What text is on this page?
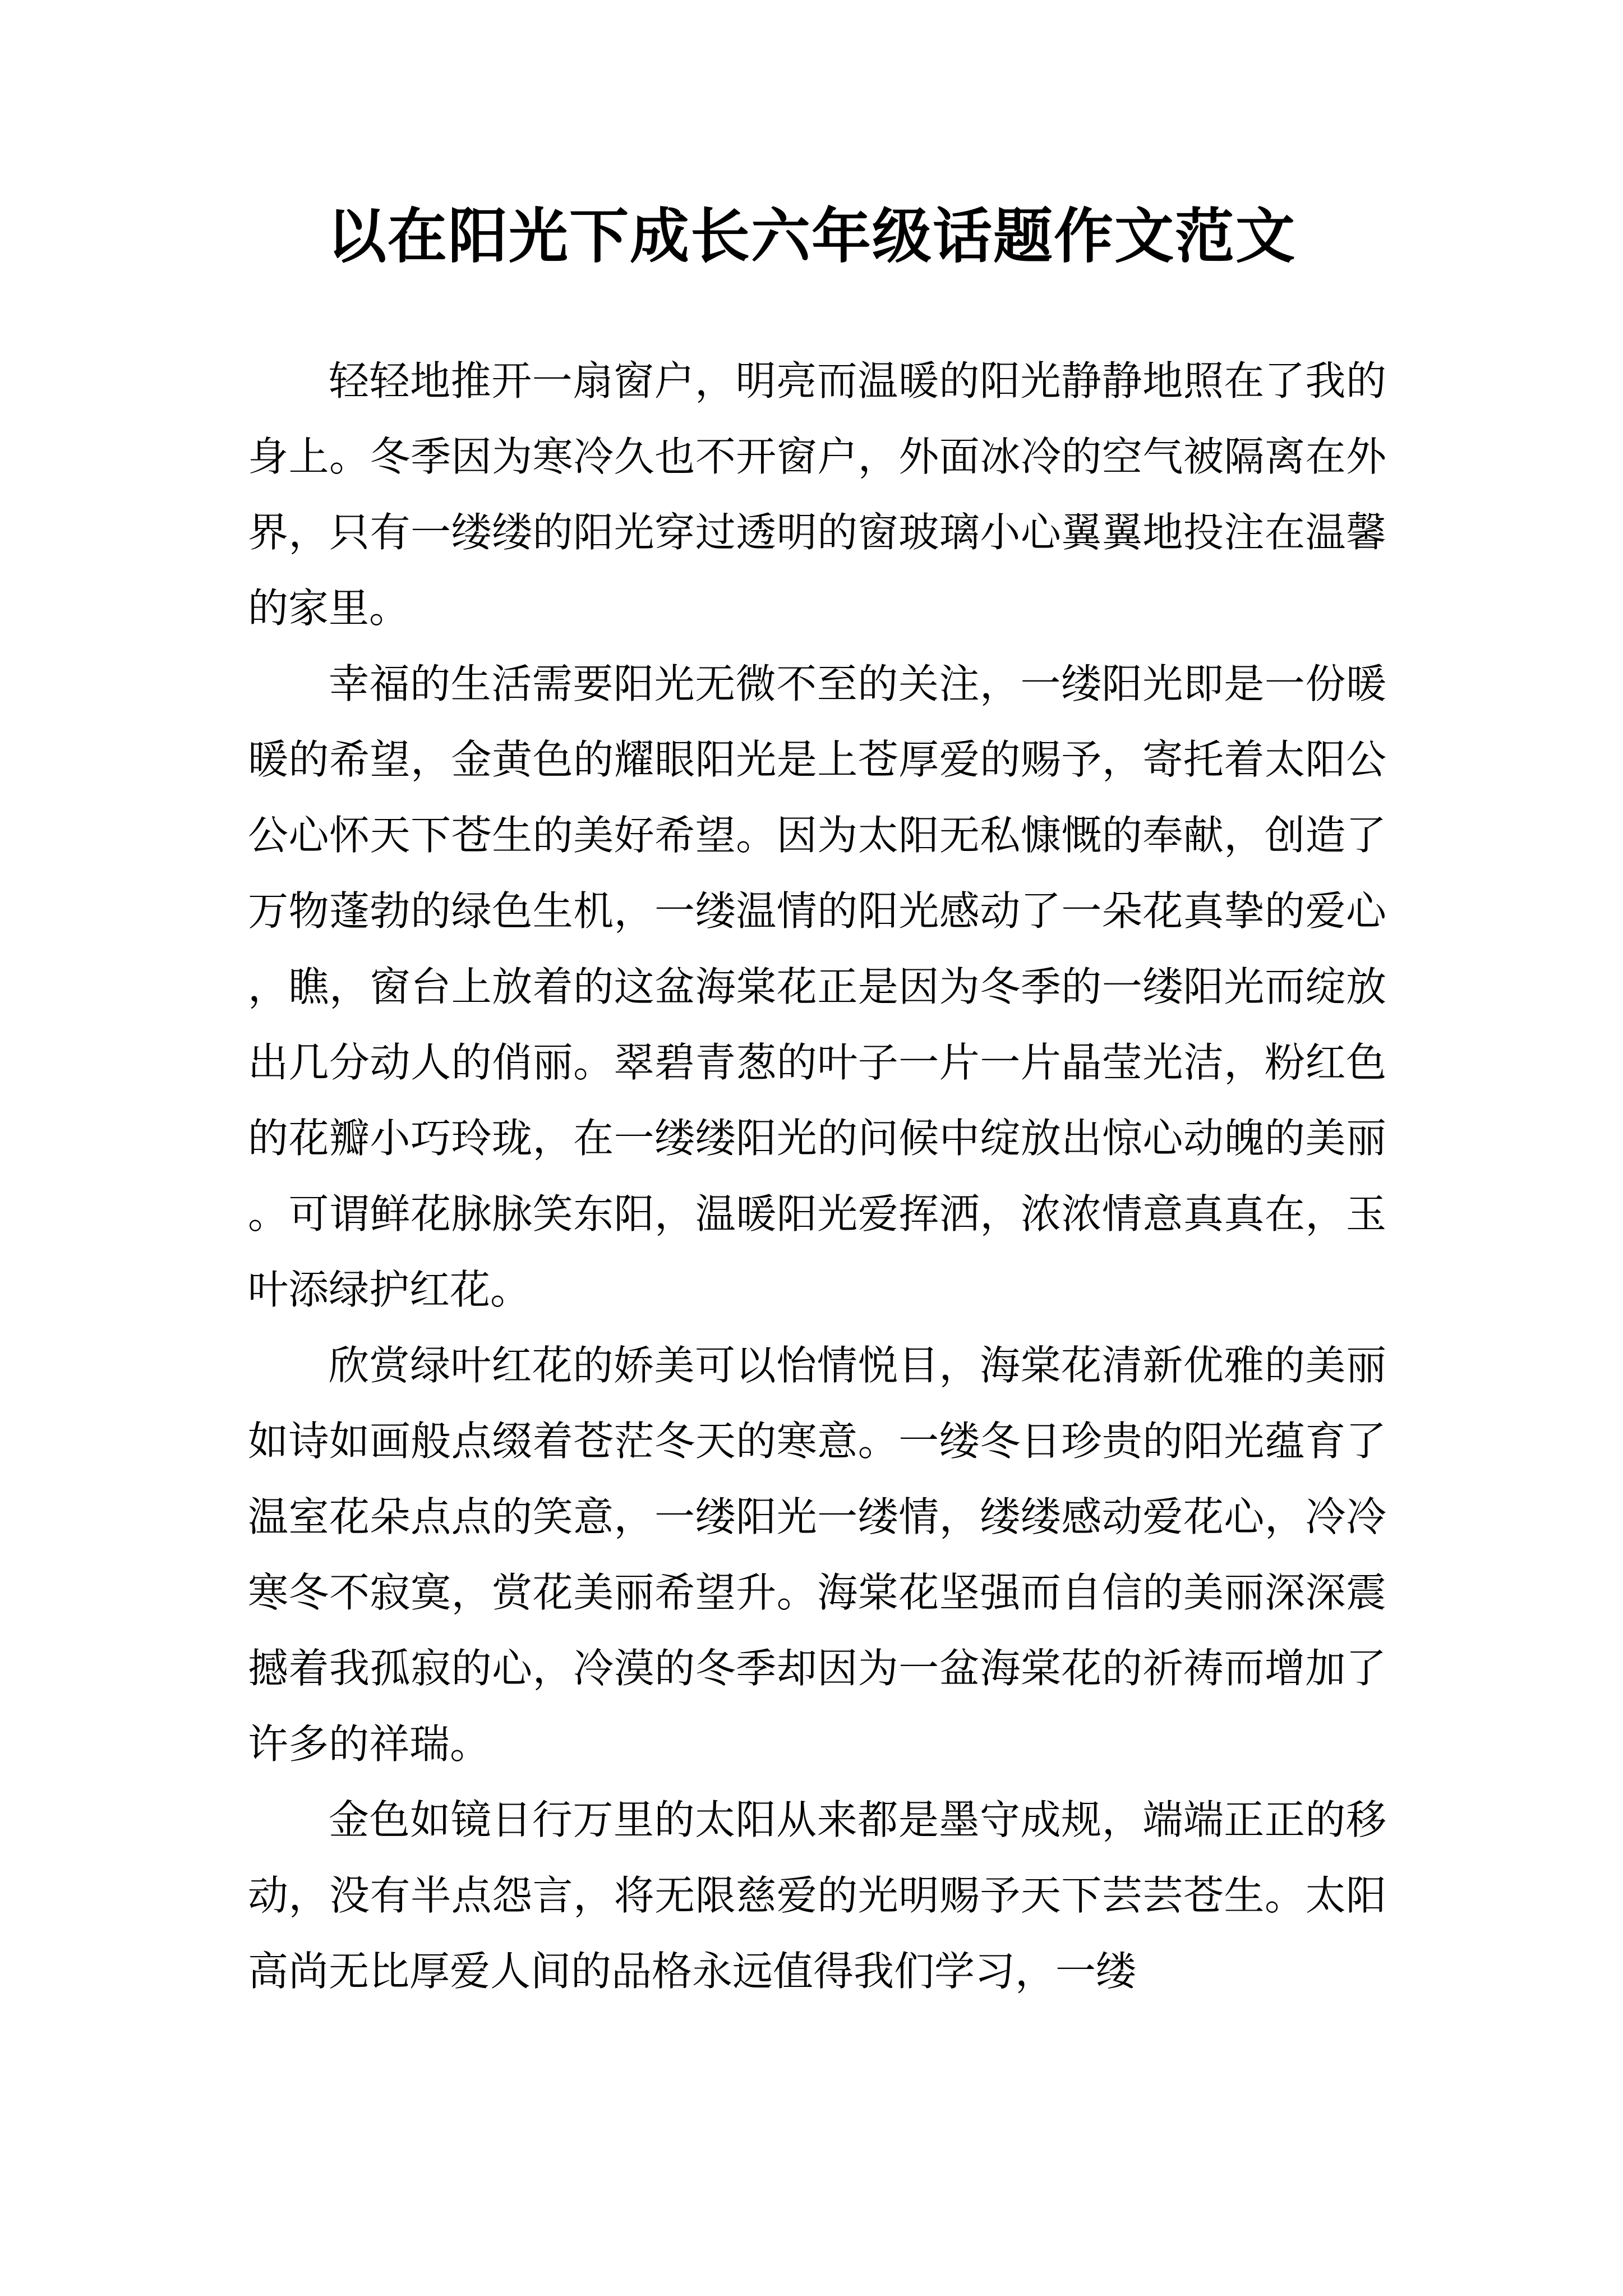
以在阳光下成长六年级话题作文范文

轻轻地推开一扇窗户，明亮而温暖的阳光静静地照在了我的身上。冬季因为寒冷久也不开窗户，外面冰冷的空气被隔离在外界，只有一缕缕的阳光穿过透明的窗玻璃小心翼翼地投注在温馨的家里。

幸福的生活需要阳光无微不至的关注，一缕阳光即是一份暖暖的希望，金黄色的耀眼阳光是上苍厚爱的赐予，寄托着太阳公公心怀天下苍生的美好希望。因为太阳无私慷慨的奉献，创造了万物蓬勃的绿色生机，一缕温情的阳光感动了一朵花真挚的爱心，瞧，窗台上放着的这盆海棠花正是因为冬季的一缕阳光而绽放出几分动人的俏丽。翠碧青葱的叶子一片一片晶莹光洁，粉红色的花瓣小巧玲珑，在一缕缕阳光的问候中绽放出惊心动魄的美丽。可谓鲜花脉脉笑东阳，温暖阳光爱挥洒，浓浓情意真真在，玉叶添绿护红花。

欣赏绿叶红花的娇美可以怡情悦目，海棠花清新优雅的美丽如诗如画般点缀着苍茫冬天的寒意。一缕冬日珍贵的阳光蕴育了温室花朵点点的笑意，一缕阳光一缕情，缕缕感动爱花心，冷冷寒冬不寂寞，赏花美丽希望升。海棠花坚强而自信的美丽深深震撼着我孤寂的心，冷漠的冬季却因为一盆海棠花的祈祷而增加了许多的祥瑞。

金色如镜日行万里的太阳从来都是墨守成规，端端正正的移动，没有半点怨言，将无限慈爱的光明赐予天下芸芸苍生。太阳高尚无比厚爱人间的品格永远值得我们学习，一缕
